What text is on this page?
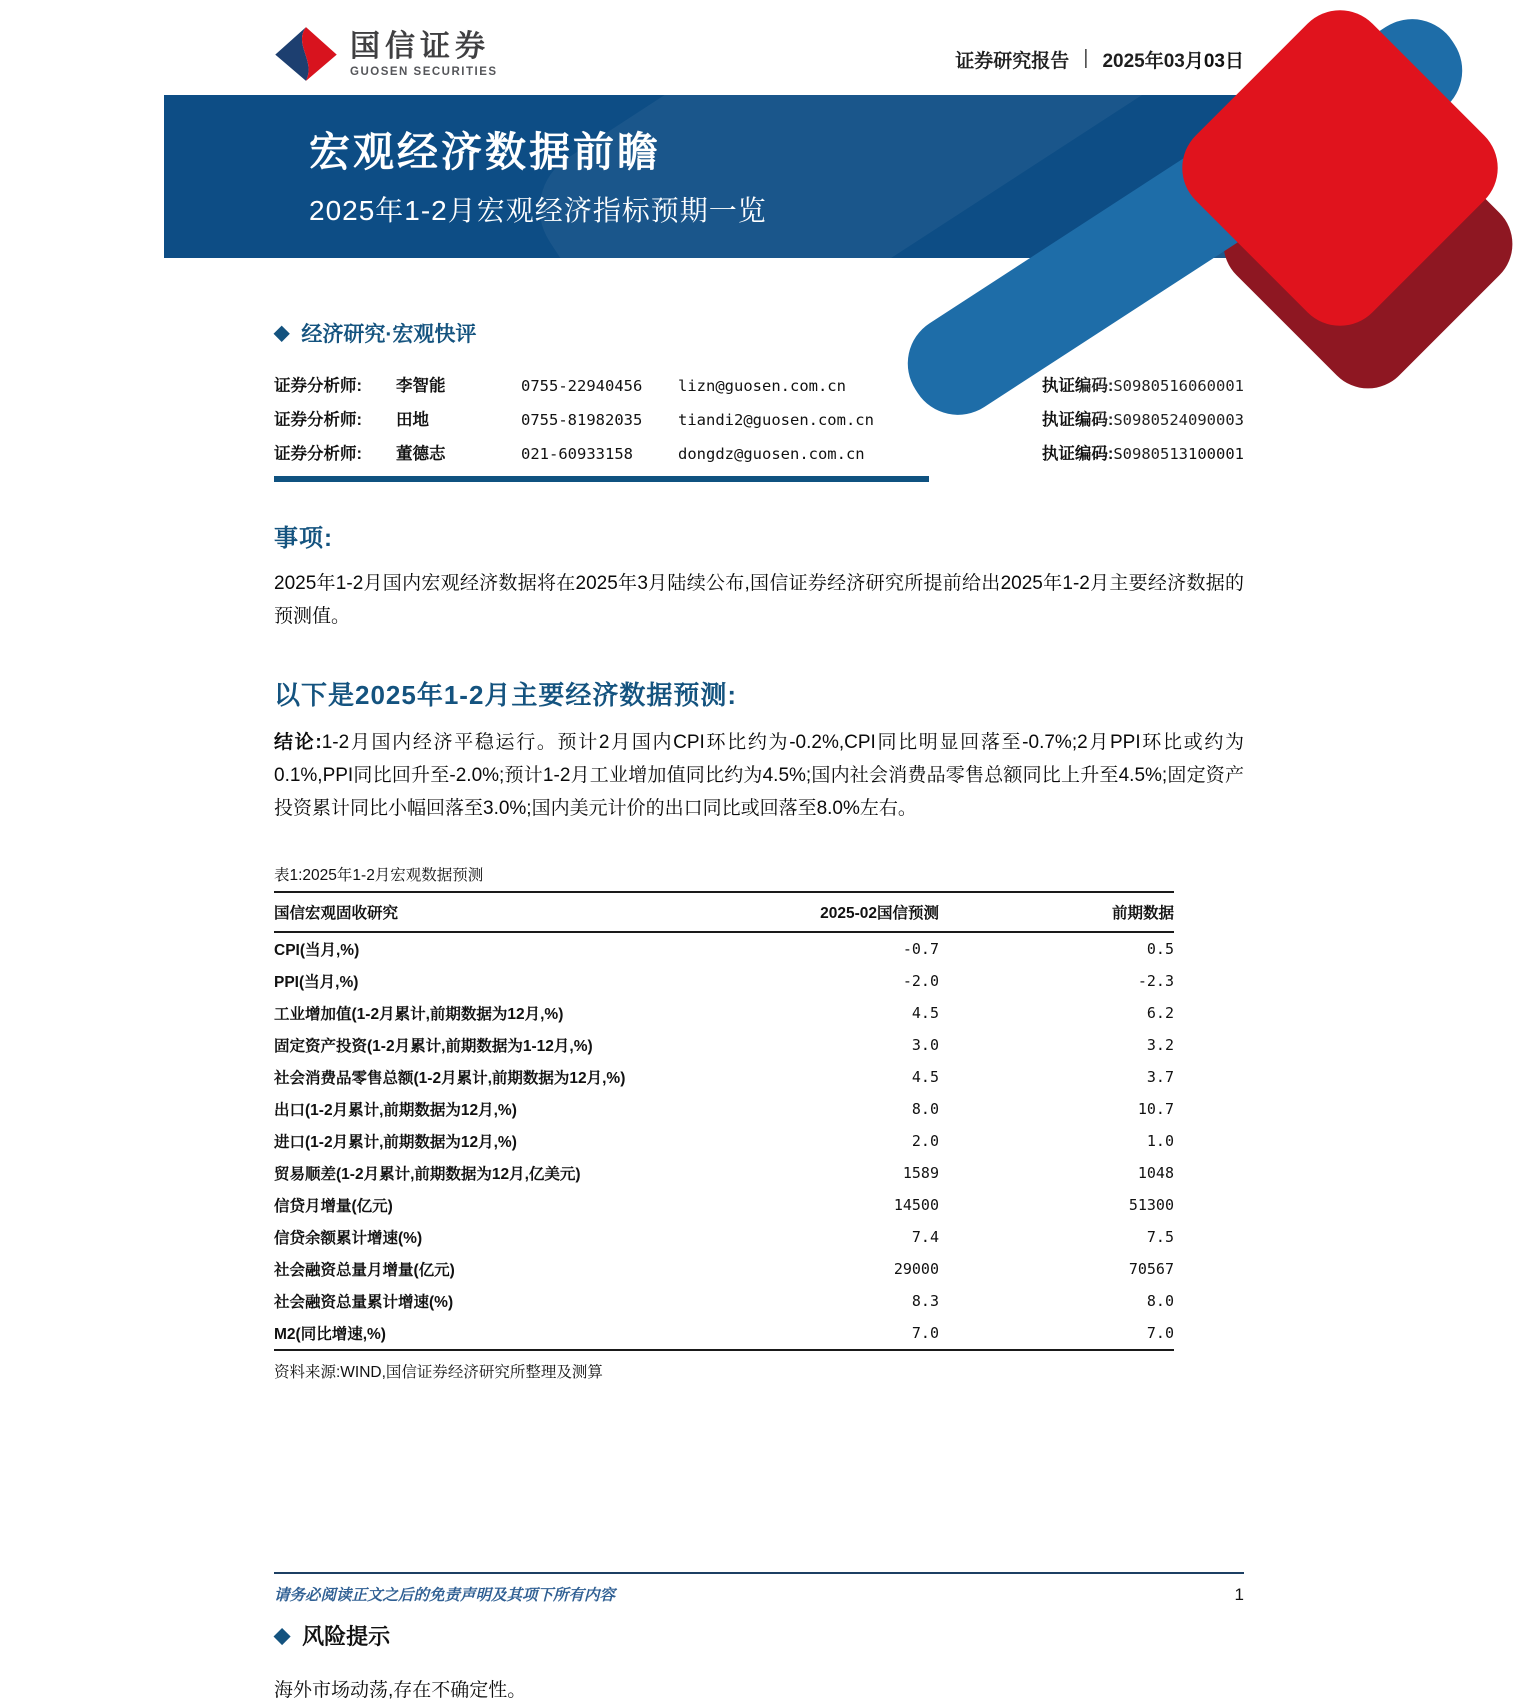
国信证券
GUOSEN SECURITIES	证券研究报告 | 2025年03月03日
宏观经济数据前瞻
2025年1-2月宏观经济指标预期一览
◆ 经济研究·宏观快评
证券分析师:	李智能	0755-22940456	lizn@guosen.com.cn	执证编码:S0980516060001
证券分析师:	田地	0755-81982035	tiandi2@guosen.com.cn	执证编码:S0980524090003
证券分析师:	董德志	021-60933158	dongdz@guosen.com.cn	执证编码:S0980513100001
事项:

2025年1-2月国内宏观经济数据将在2025年3月陆续公布,国信证券经济研究所提前给出2025年1-2月主要经济数据的预测值。

以下是2025年1-2月主要经济数据预测:

结论:1-2月国内经济平稳运行。预计2月国内CPI环比约为-0.2%,CPI同比明显回落至-0.7%;2月PPI环比或约为0.1%,PPI同比回升至-2.0%;预计1-2月工业增加值同比约为4.5%;国内社会消费品零售总额同比上升至4.5%;固定资产投资累计同比小幅回落至3.0%;国内美元计价的出口同比或回落至8.0%左右。

表1:2025年1-2月宏观数据预测
国信宏观固收研究	2025-02国信预测	前期数据
CPI(当月,%)	-0.7	0.5
PPI(当月,%)	-2.0	-2.3
工业增加值(1-2月累计,前期数据为12月,%)	4.5	6.2
固定资产投资(1-2月累计,前期数据为1-12月,%)	3.0	3.2
社会消费品零售总额(1-2月累计,前期数据为12月,%)	4.5	3.7
出口(1-2月累计,前期数据为12月,%)	8.0	10.7
进口(1-2月累计,前期数据为12月,%)	2.0	1.0
贸易顺差(1-2月累计,前期数据为12月,亿美元)	1589	1048
信贷月增量(亿元)	14500	51300
信贷余额累计增速(%)	7.4	7.5
社会融资总量月增量(亿元)	29000	70567
社会融资总量累计增速(%)	8.3	8.0
M2(同比增速,%)	7.0	7.0
资料来源:WIND,国信证券经济研究所整理及测算
◆ 风险提示

海外市场动荡,存在不确定性。

请务必阅读正文之后的免责声明及其项下所有内容	1
